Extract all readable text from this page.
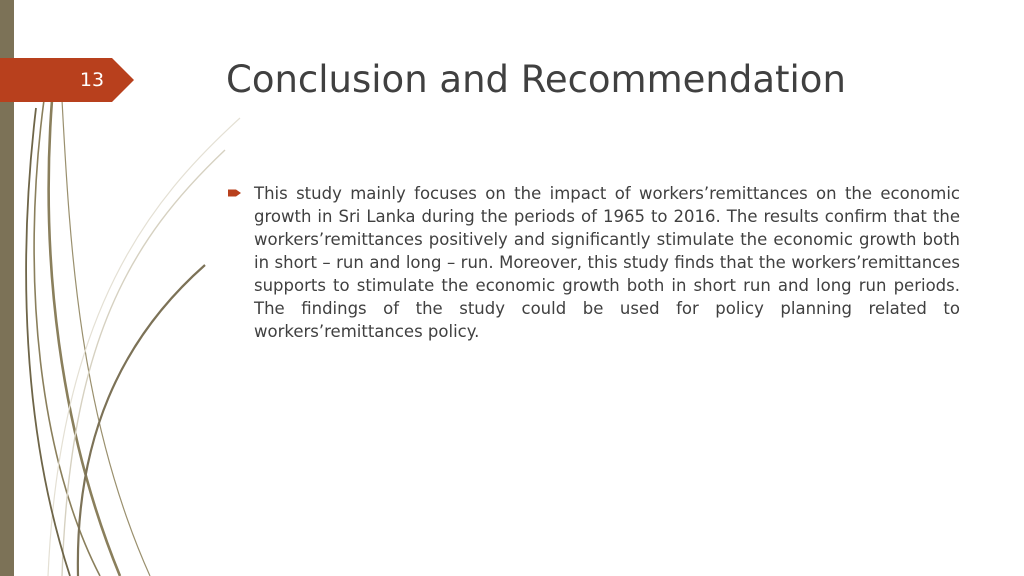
13	Conclusion and Recommendation

This study mainly focuses on the impact of workers’remittances on the economic growth in Sri Lanka during the periods of 1965 to 2016. The results confirm that the workers’remittances positively and significantly stimulate the economic growth both in short – run and long – run. Moreover, this study finds that the workers’remittances supports to stimulate the economic growth both in short run and long run periods. The findings of the study could be used for policy planning related to workers’remittances policy.
